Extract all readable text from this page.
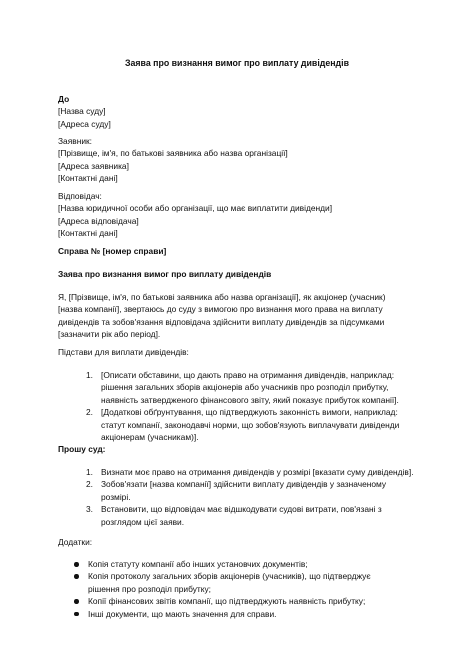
Заява про визнання вимог про виплату дивідендів
До
[Назва суду]
[Адреса суду]
Заявник:
[Прізвище, ім'я, по батькові заявника або назва організації]
[Адреса заявника]
[Контактні дані]
Відповідач:
[Назва юридичної особи або організації, що має виплатити дивіденди]
[Адреса відповідача]
[Контактні дані]
Справа № [номер справи]
Заява про визнання вимог про виплату дивідендів
Я, [Прізвище, ім'я, по батькові заявника або назва організації], як акціонер (учасник)
[назва компанії], звертаюсь до суду з вимогою про визнання мого права на виплату
дивідендів та зобов'язання відповідача здійснити виплату дивідендів за підсумками
[зазначити рік або період].
Підстави для виплати дивідендів:
1. [Описати обставини, що дають право на отримання дивідендів, наприклад:
рішення загальних зборів акціонерів або учасників про розподіл прибутку,
наявність затвердженого фінансового звіту, який показує прибуток компанії].
2. [Додаткові обґрунтування, що підтверджують законність вимоги, наприклад:
статут компанії, законодавчі норми, що зобов'язують виплачувати дивіденди
акціонерам (учасникам)].
Прошу суд:
1. Визнати моє право на отримання дивідендів у розмірі [вказати суму дивідендів].
2. Зобов'язати [назва компанії] здійснити виплату дивідендів у зазначеному
розмірі.
3. Встановити, що відповідач має відшкодувати судові витрати, пов'язані з
розглядом цієї заяви.
Додатки:
Копія статуту компанії або інших установчих документів;
Копія протоколу загальних зборів акціонерів (учасників), що підтверджує
рішення про розподіл прибутку;
Копії фінансових звітів компанії, що підтверджують наявність прибутку;
Інші документи, що мають значення для справи.
